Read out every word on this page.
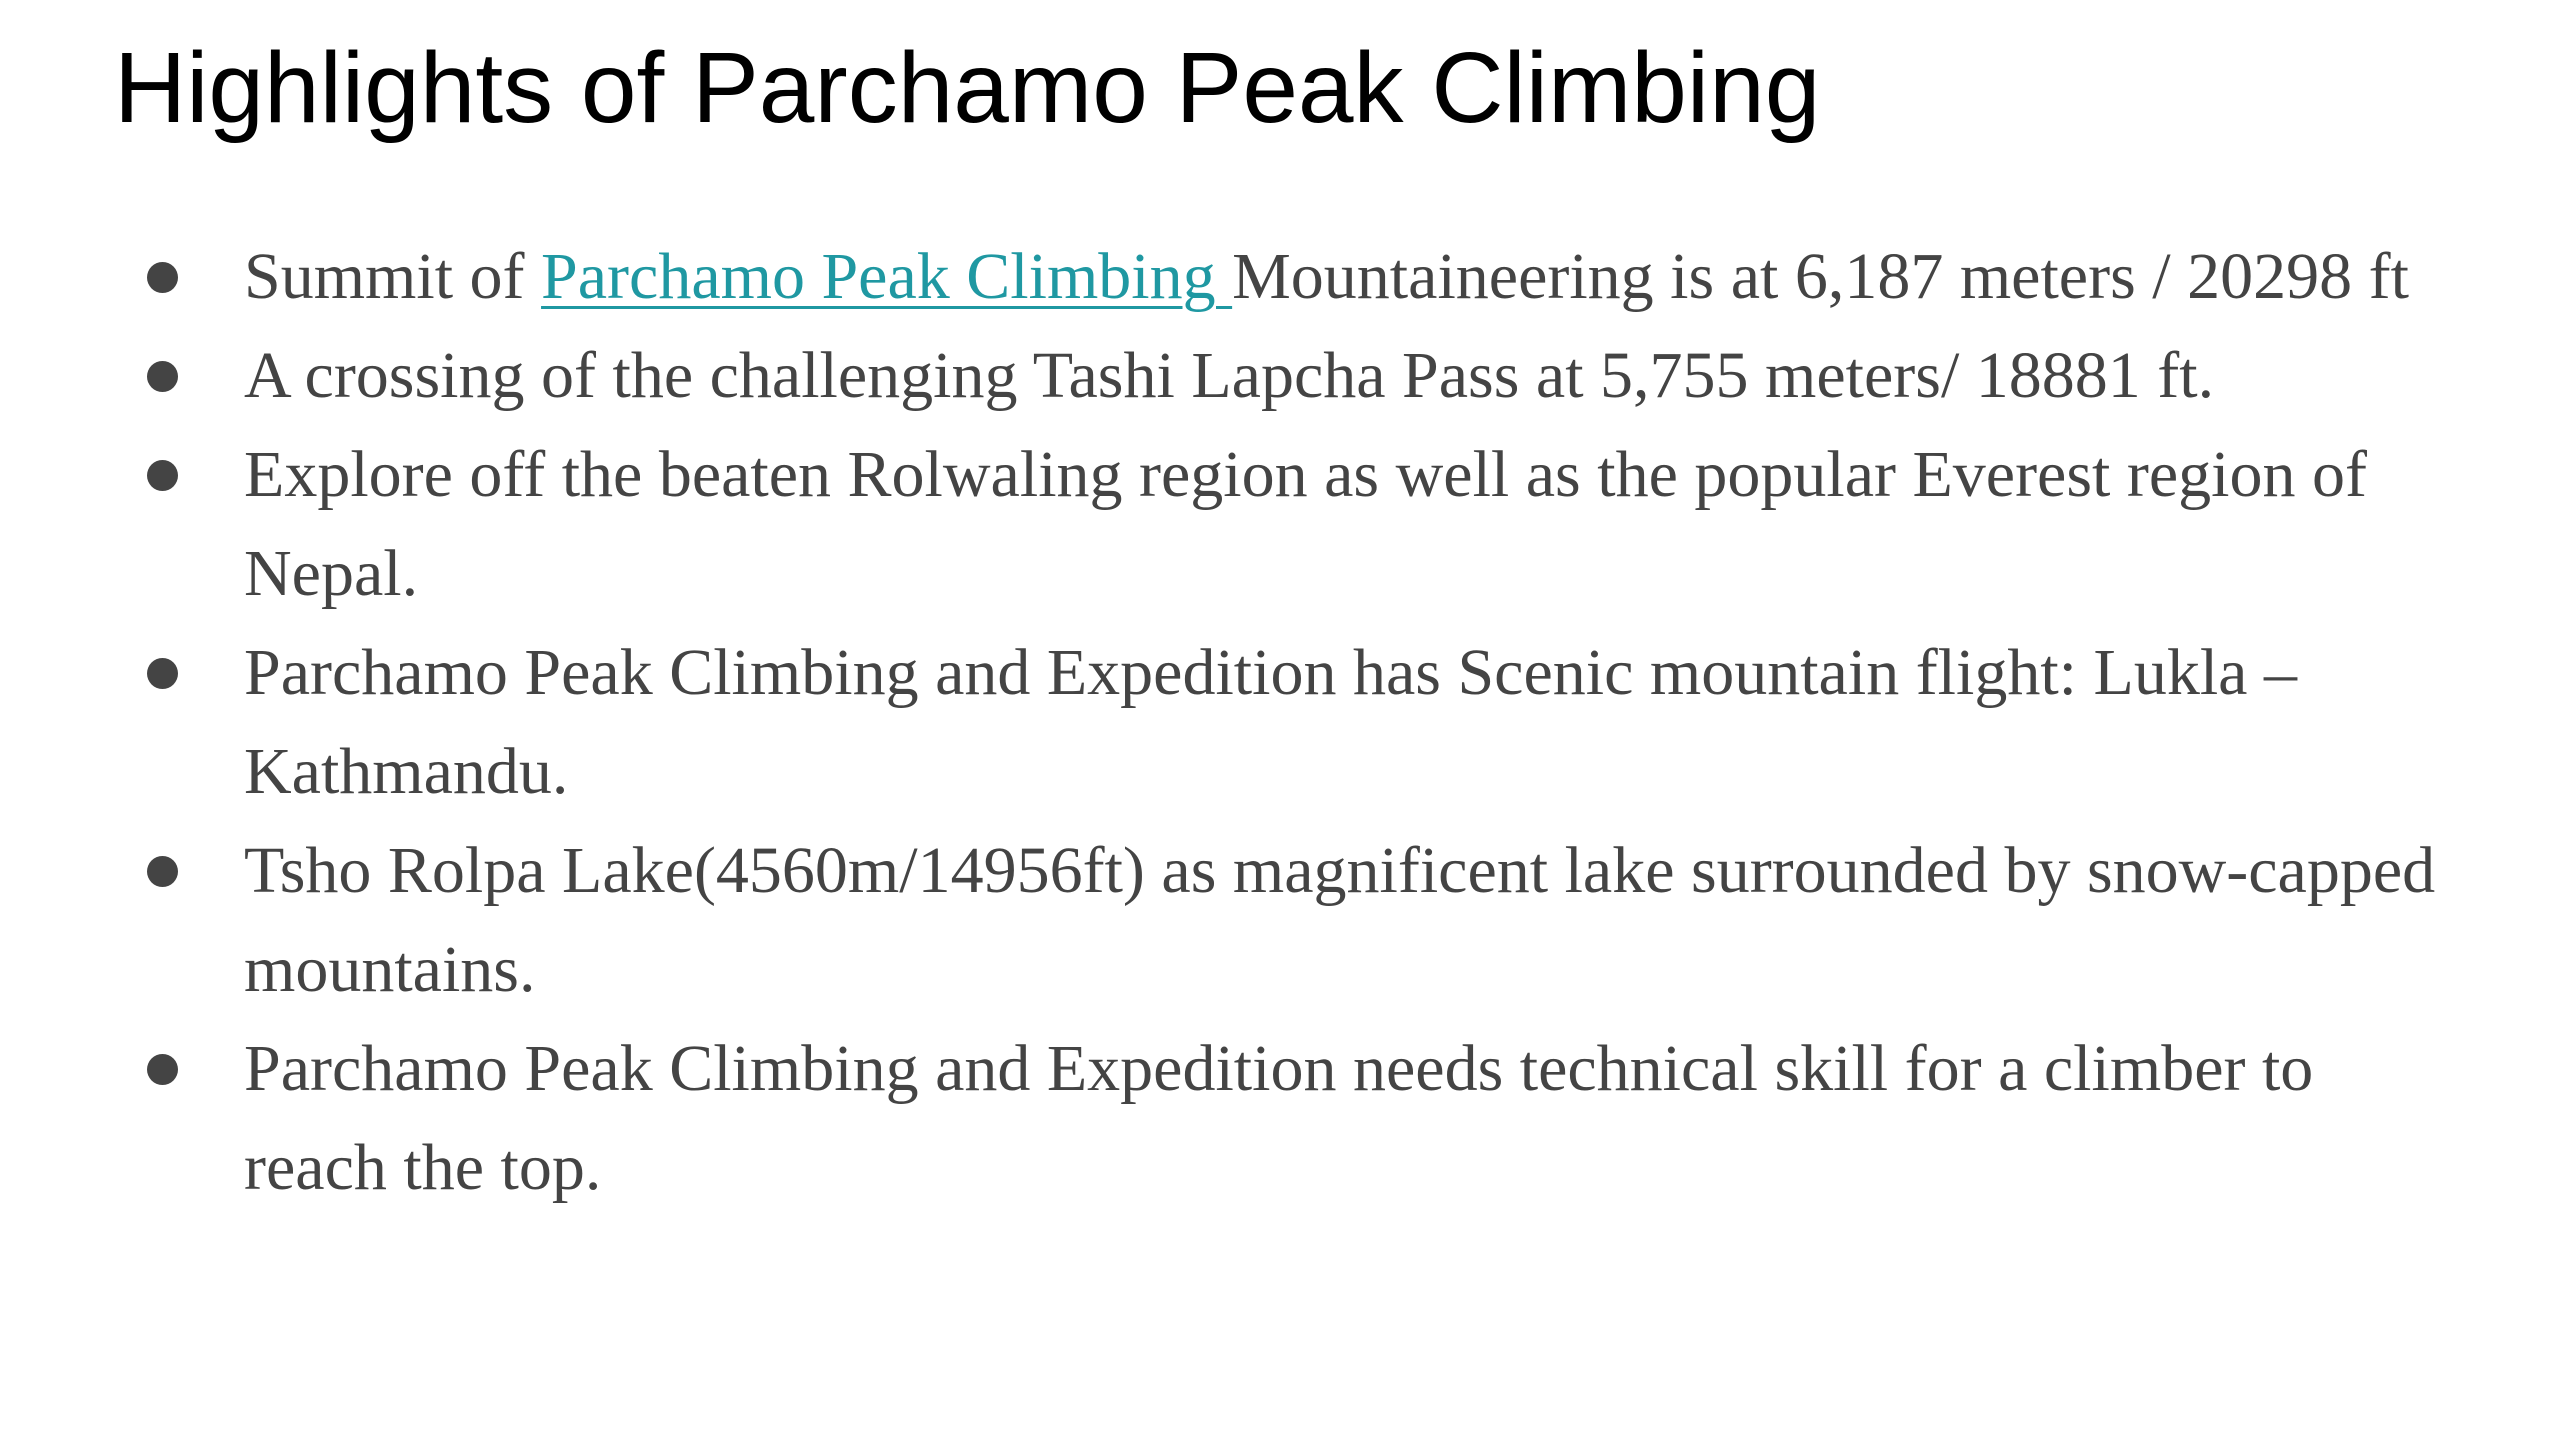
Highlights of Parchamo Peak Climbing
Summit of Parchamo Peak Climbing Mountaineering is at 6,187 meters / 20298 ft
A crossing of the challenging Tashi Lapcha Pass at 5,755 meters/ 18881 ft.
Explore off the beaten Rolwaling region as well as the popular Everest region of Nepal.
Parchamo Peak Climbing and Expedition has Scenic mountain flight: Lukla – Kathmandu.
Tsho Rolpa Lake(4560m/14956ft) as magnificent lake surrounded by snow-capped mountains.
Parchamo Peak Climbing and Expedition needs technical skill for a climber to reach the top.
